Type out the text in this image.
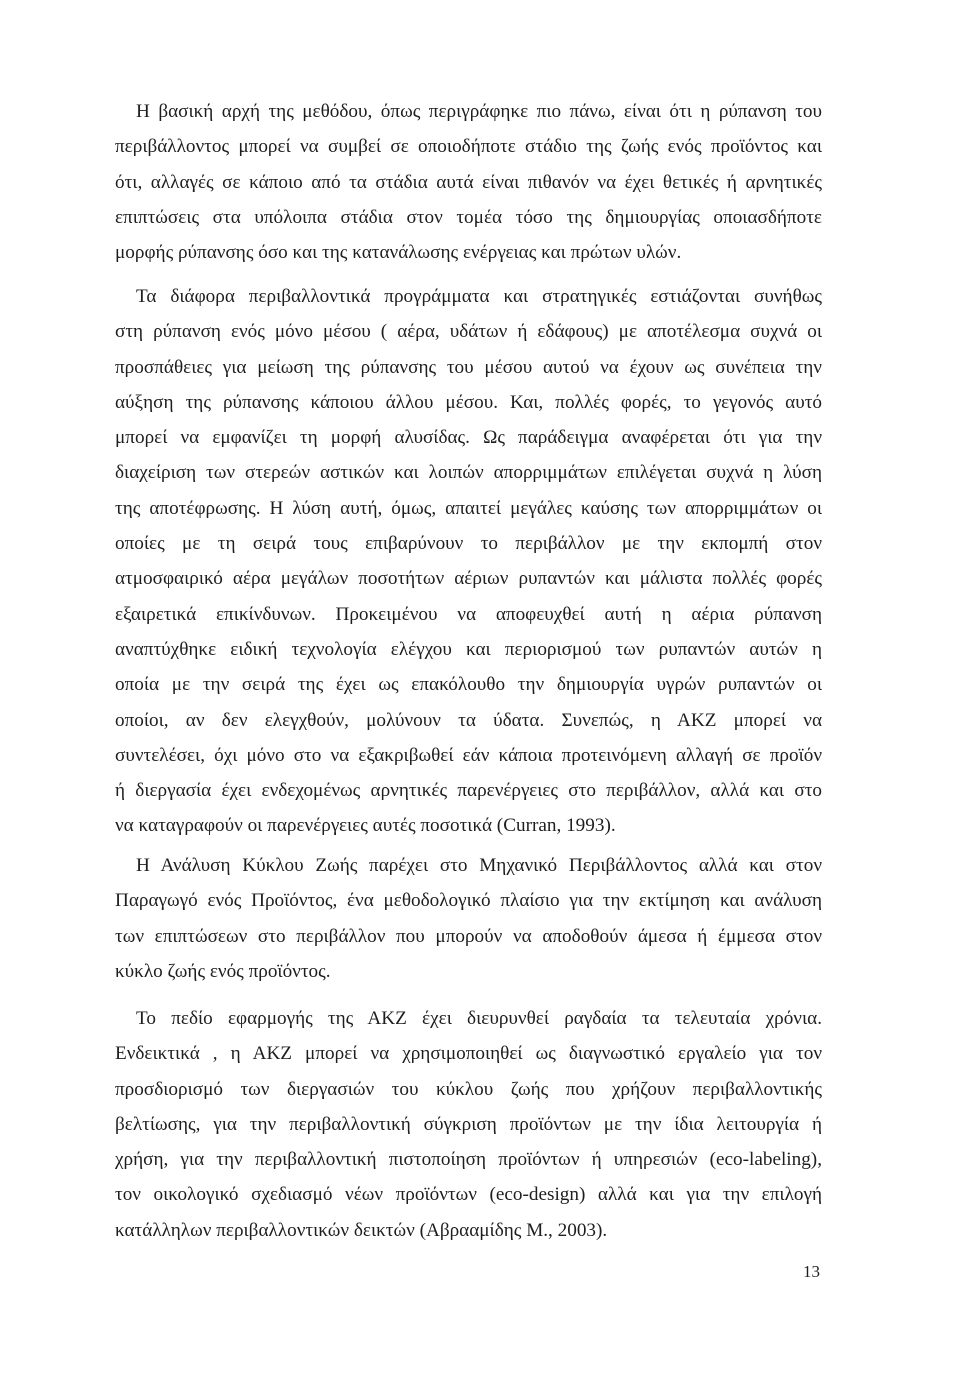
Η βασική αρχή της μεθόδου, όπως περιγράφηκε πιο πάνω, είναι ότι η ρύπανση του
περιβάλλοντος μπορεί να συμβεί σε οποιοδήποτε στάδιο της ζωής ενός προϊόντος και
ότι, αλλαγές σε κάποιο από τα στάδια αυτά είναι πιθανόν να έχει θετικές ή αρνητικές
επιπτώσεις στα υπόλοιπα στάδια στον τομέα τόσο της δημιουργίας οποιασδήποτε
μορφής ρύπανσης όσο και της κατανάλωσης ενέργειας και πρώτων υλών.
Τα διάφορα περιβαλλοντικά προγράμματα και στρατηγικές εστιάζονται συνήθως
στη ρύπανση ενός μόνο μέσου ( αέρα, υδάτων ή εδάφους) με αποτέλεσμα συχνά οι
προσπάθειες για μείωση της ρύπανσης του μέσου αυτού να έχουν ως συνέπεια την
αύξηση της ρύπανσης κάποιου άλλου μέσου. Και, πολλές φορές, το γεγονός αυτό
μπορεί να εμφανίζει τη μορφή αλυσίδας. Ως παράδειγμα αναφέρεται ότι για την
διαχείριση των στερεών αστικών και λοιπών απορριμμάτων επιλέγεται συχνά η λύση
της αποτέφρωσης. Η λύση αυτή, όμως, απαιτεί μεγάλες καύσης των απορριμμάτων οι
οποίες με τη σειρά τους επιβαρύνουν το περιβάλλον με την εκπομπή στον
ατμοσφαιρικό αέρα μεγάλων ποσοτήτων αέριων ρυπαντών και μάλιστα πολλές φορές
εξαιρετικά επικίνδυνων. Προκειμένου να αποφευχθεί αυτή η αέρια ρύπανση
αναπτύχθηκε ειδική τεχνολογία ελέγχου και περιορισμού των ρυπαντών αυτών η
οποία με την σειρά της έχει ως επακόλουθο την δημιουργία υγρών ρυπαντών οι
οποίοι, αν δεν ελεγχθούν, μολύνουν τα ύδατα. Συνεπώς, η ΑΚΖ μπορεί να
συντελέσει, όχι μόνο στο να εξακριβωθεί εάν κάποια προτεινόμενη αλλαγή σε προϊόν
ή διεργασία έχει ενδεχομένως αρνητικές παρενέργειες στο περιβάλλον, αλλά και στο
να καταγραφούν οι παρενέργειες αυτές ποσοτικά (Curran, 1993).
Η Ανάλυση Κύκλου Ζωής παρέχει στο Μηχανικό Περιβάλλοντος αλλά και στον
Παραγωγό ενός Προϊόντος, ένα μεθοδολογικό πλαίσιο για την εκτίμηση και ανάλυση
των επιπτώσεων στο περιβάλλον που μπορούν να αποδοθούν άμεσα ή έμμεσα στον
κύκλο ζωής ενός προϊόντος.
Το πεδίο εφαρμογής της ΑΚΖ έχει διευρυνθεί ραγδαία τα τελευταία χρόνια.
Ενδεικτικά , η ΑΚΖ μπορεί να χρησιμοποιηθεί ως διαγνωστικό εργαλείο για τον
προσδιορισμό των διεργασιών του κύκλου ζωής που χρήζουν περιβαλλοντικής
βελτίωσης, για την περιβαλλοντική σύγκριση προϊόντων με την ίδια λειτουργία ή
χρήση, για την περιβαλλοντική πιστοποίηση προϊόντων ή υπηρεσιών (eco-labeling),
τον οικολογικό σχεδιασμό νέων προϊόντων (eco-design) αλλά και για την επιλογή
κατάλληλων περιβαλλοντικών δεικτών (Αβρααμίδης Μ., 2003).
13
